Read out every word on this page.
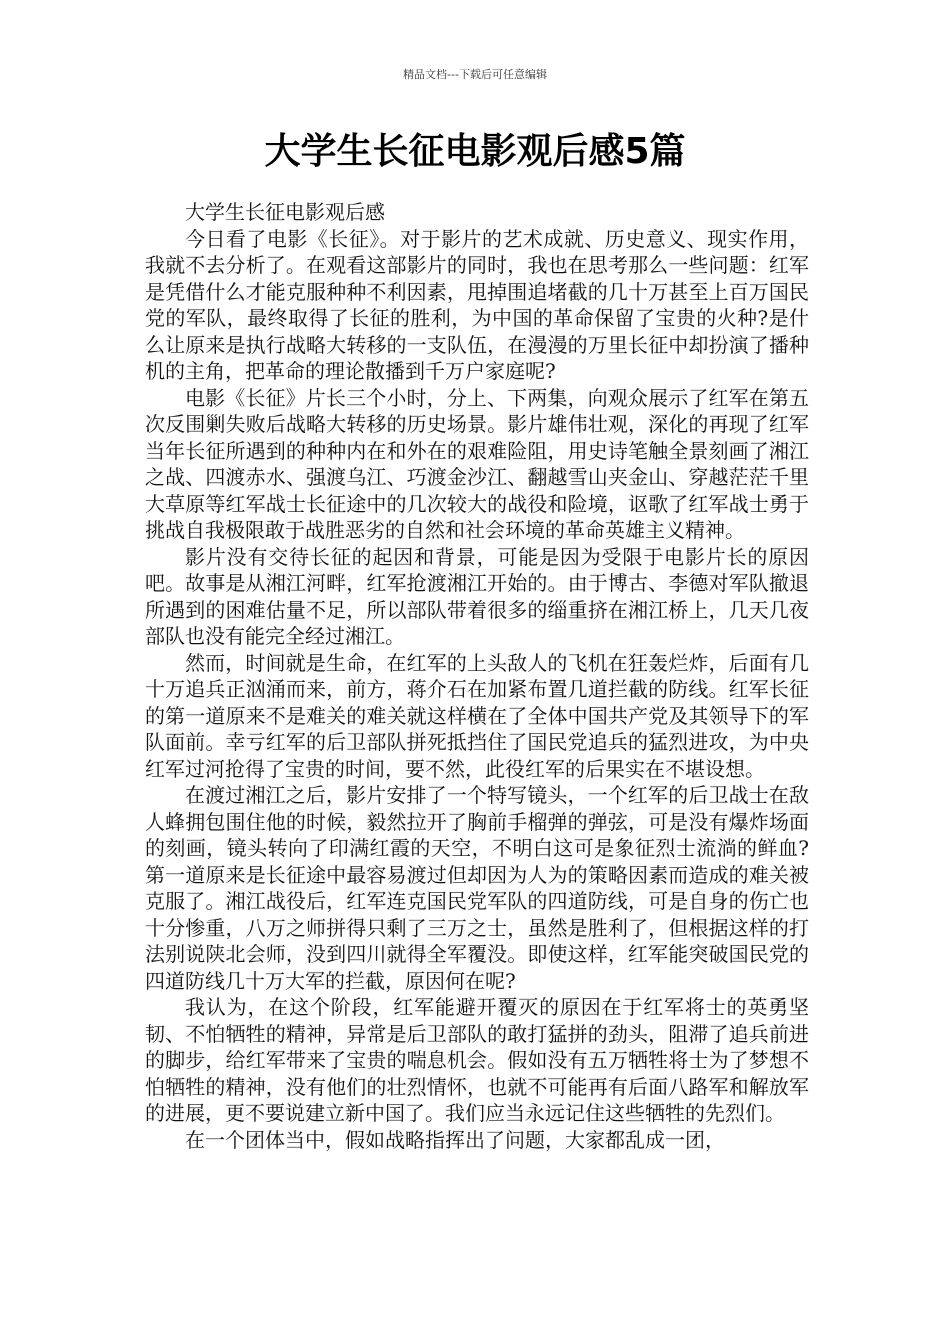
精品文档---下载后可任意编辑
大学生长征电影观后感5篇

大学生长征电影观后感

今日看了电影《长征》。对于影片的艺术成就、历史意义、现实作用，我就不去分析了。在观看这部影片的同时，我也在思考那么一些问题：红军是凭借什么才能克服种种不利因素，甩掉围追堵截的几十万甚至上百万国民党的军队，最终取得了长征的胜利，为中国的革命保留了宝贵的火种?是什么让原来是执行战略大转移的一支队伍，在漫漫的万里长征中却扮演了播种机的主角，把革命的理论散播到千万户家庭呢?

电影《长征》片长三个小时，分上、下两集，向观众展示了红军在第五次反围剿失败后战略大转移的历史场景。影片雄伟壮观，深化的再现了红军当年长征所遇到的种种内在和外在的艰难险阻，用史诗笔触全景刻画了湘江之战、四渡赤水、强渡乌江、巧渡金沙江、翻越雪山夹金山、穿越茫茫千里大草原等红军战士长征途中的几次较大的战役和险境，讴歌了红军战士勇于挑战自我极限敢于战胜恶劣的自然和社会环境的革命英雄主义精神。

影片没有交待长征的起因和背景，可能是因为受限于电影片长的原因吧。故事是从湘江河畔，红军抢渡湘江开始的。由于博古、李德对军队撤退所遇到的困难估量不足，所以部队带着很多的缁重挤在湘江桥上，几天几夜部队也没有能完全经过湘江。

然而，时间就是生命，在红军的上头敌人的飞机在狂轰烂炸，后面有几十万追兵正汹涌而来，前方，蒋介石在加紧布置几道拦截的防线。红军长征的第一道原来不是难关的难关就这样横在了全体中国共产党及其领导下的军队面前。幸亏红军的后卫部队拼死抵挡住了国民党追兵的猛烈进攻，为中央红军过河抢得了宝贵的时间，要不然，此役红军的后果实在不堪设想。

在渡过湘江之后，影片安排了一个特写镜头，一个红军的后卫战士在敌人蜂拥包围住他的时候，毅然拉开了胸前手榴弹的弹弦，可是没有爆炸场面的刻画，镜头转向了印满红霞的天空，不明白这可是象征烈士流淌的鲜血?第一道原来是长征途中最容易渡过但却因为人为的策略因素而造成的难关被克服了。湘江战役后，红军连克国民党军队的四道防线，可是自身的伤亡也十分惨重，八万之师拼得只剩了三万之士，虽然是胜利了，但根据这样的打法别说陕北会师，没到四川就得全军覆没。即使这样，红军能突破国民党的四道防线几十万大军的拦截，原因何在呢?

我认为，在这个阶段，红军能避开覆灭的原因在于红军将士的英勇坚韧、不怕牺牲的精神，异常是后卫部队的敢打猛拼的劲头，阻滞了追兵前进的脚步，给红军带来了宝贵的喘息机会。假如没有五万牺牲将士为了梦想不怕牺牲的精神，没有他们的壮烈情怀，也就不可能再有后面八路军和解放军的进展，更不要说建立新中国了。我们应当永远记住这些牺牲的先烈们。

在一个团体当中，假如战略指挥出了问题，大家都乱成一团，
